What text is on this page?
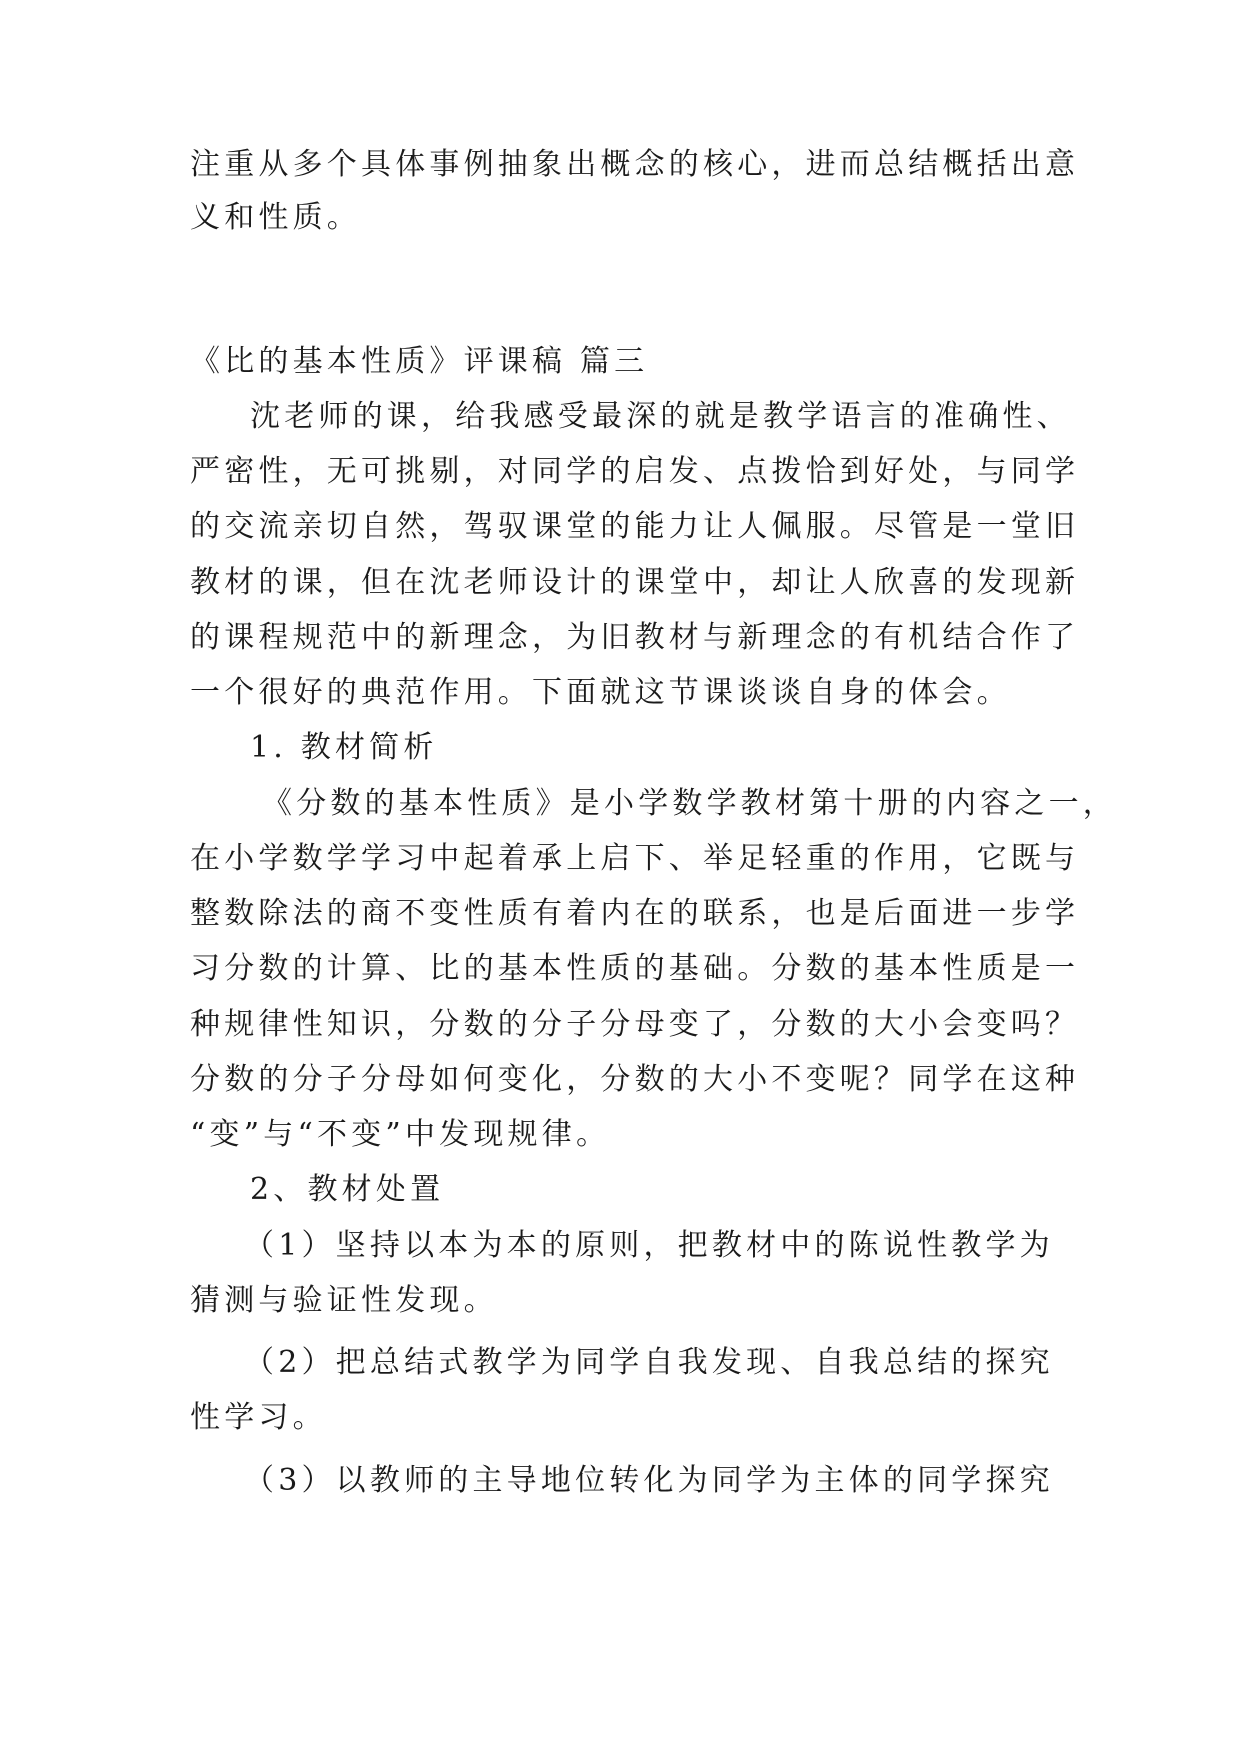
注重从多个具体事例抽象出概念的核心，进而总结概括出意
义和性质。
《比的基本性质》评课稿 篇三
沈老师的课，给我感受最深的就是教学语言的准确性、
严密性，无可挑剔，对同学的启发、点拨恰到好处，与同学
的交流亲切自然，驾驭课堂的能力让人佩服。尽管是一堂旧
教材的课，但在沈老师设计的课堂中，却让人欣喜的发现新
的课程规范中的新理念，为旧教材与新理念的有机结合作了
一个很好的典范作用。下面就这节课谈谈自身的体会。
1. 教材简析
《分数的基本性质》是小学数学教材第十册的内容之一，
在小学数学学习中起着承上启下、举足轻重的作用，它既与
整数除法的商不变性质有着内在的联系，也是后面进一步学
习分数的计算、比的基本性质的基础。分数的基本性质是一
种规律性知识，分数的分子分母变了，分数的大小会变吗？
分数的分子分母如何变化，分数的大小不变呢？同学在这种
“变”与“不变”中发现规律。
2、教材处置
（1）坚持以本为本的原则，把教材中的陈说性教学为
猜测与验证性发现。
（2）把总结式教学为同学自我发现、自我总结的探究
性学习。
（3）以教师的主导地位转化为同学为主体的同学探究
